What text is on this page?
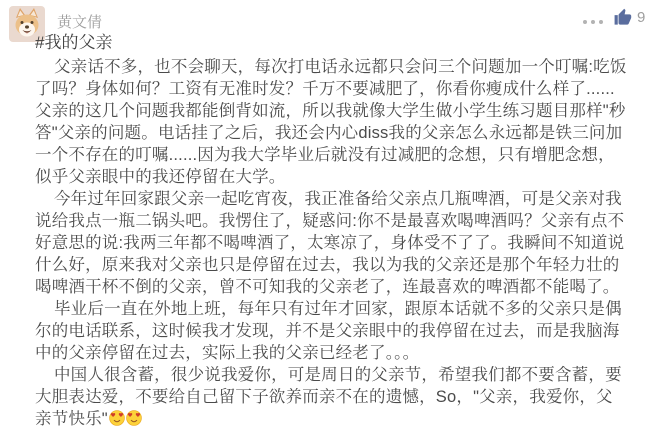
黄文倩	9
#我的父亲

父亲话不多，也不会聊天，每次打电话永远都只会问三个问题加一个叮嘱:吃饭了吗？身体如何？工资有无准时发？千万不要减肥了，你看你瘦成什么样了......父亲的这几个问题我都能倒背如流，所以我就像大学生做小学生练习题目那样"秒答"父亲的问题。电话挂了之后，我还会内心diss我的父亲怎么永远都是铁三问加一个不存在的叮嘱......因为我大学毕业后就没有过减肥的念想，只有增肥念想，似乎父亲眼中的我还停留在大学。

今年过年回家跟父亲一起吃宵夜，我正准备给父亲点几瓶啤酒，可是父亲对我说给我点一瓶二锅头吧。我愣住了，疑惑问:你不是最喜欢喝啤酒吗？父亲有点不好意思的说:我两三年都不喝啤酒了，太寒凉了，身体受不了了。我瞬间不知道说什么好，原来我对父亲也只是停留在过去，我以为我的父亲还是那个年轻力壮的喝啤酒干杯不倒的父亲，曾不可知我的父亲老了，连最喜欢的啤酒都不能喝了。

毕业后一直在外地上班，每年只有过年才回家，跟原本话就不多的父亲只是偶尔的电话联系，这时候我才发现，并不是父亲眼中的我停留在过去，而是我脑海中的父亲停留在过去，实际上我的父亲已经老了。。。

中国人很含蓄，很少说我爱你，可是周日的父亲节，希望我们都不要含蓄，要大胆表达爱，不要给自己留下子欲养而亲不在的遗憾，So，"父亲，我爱你，父亲节快乐"
